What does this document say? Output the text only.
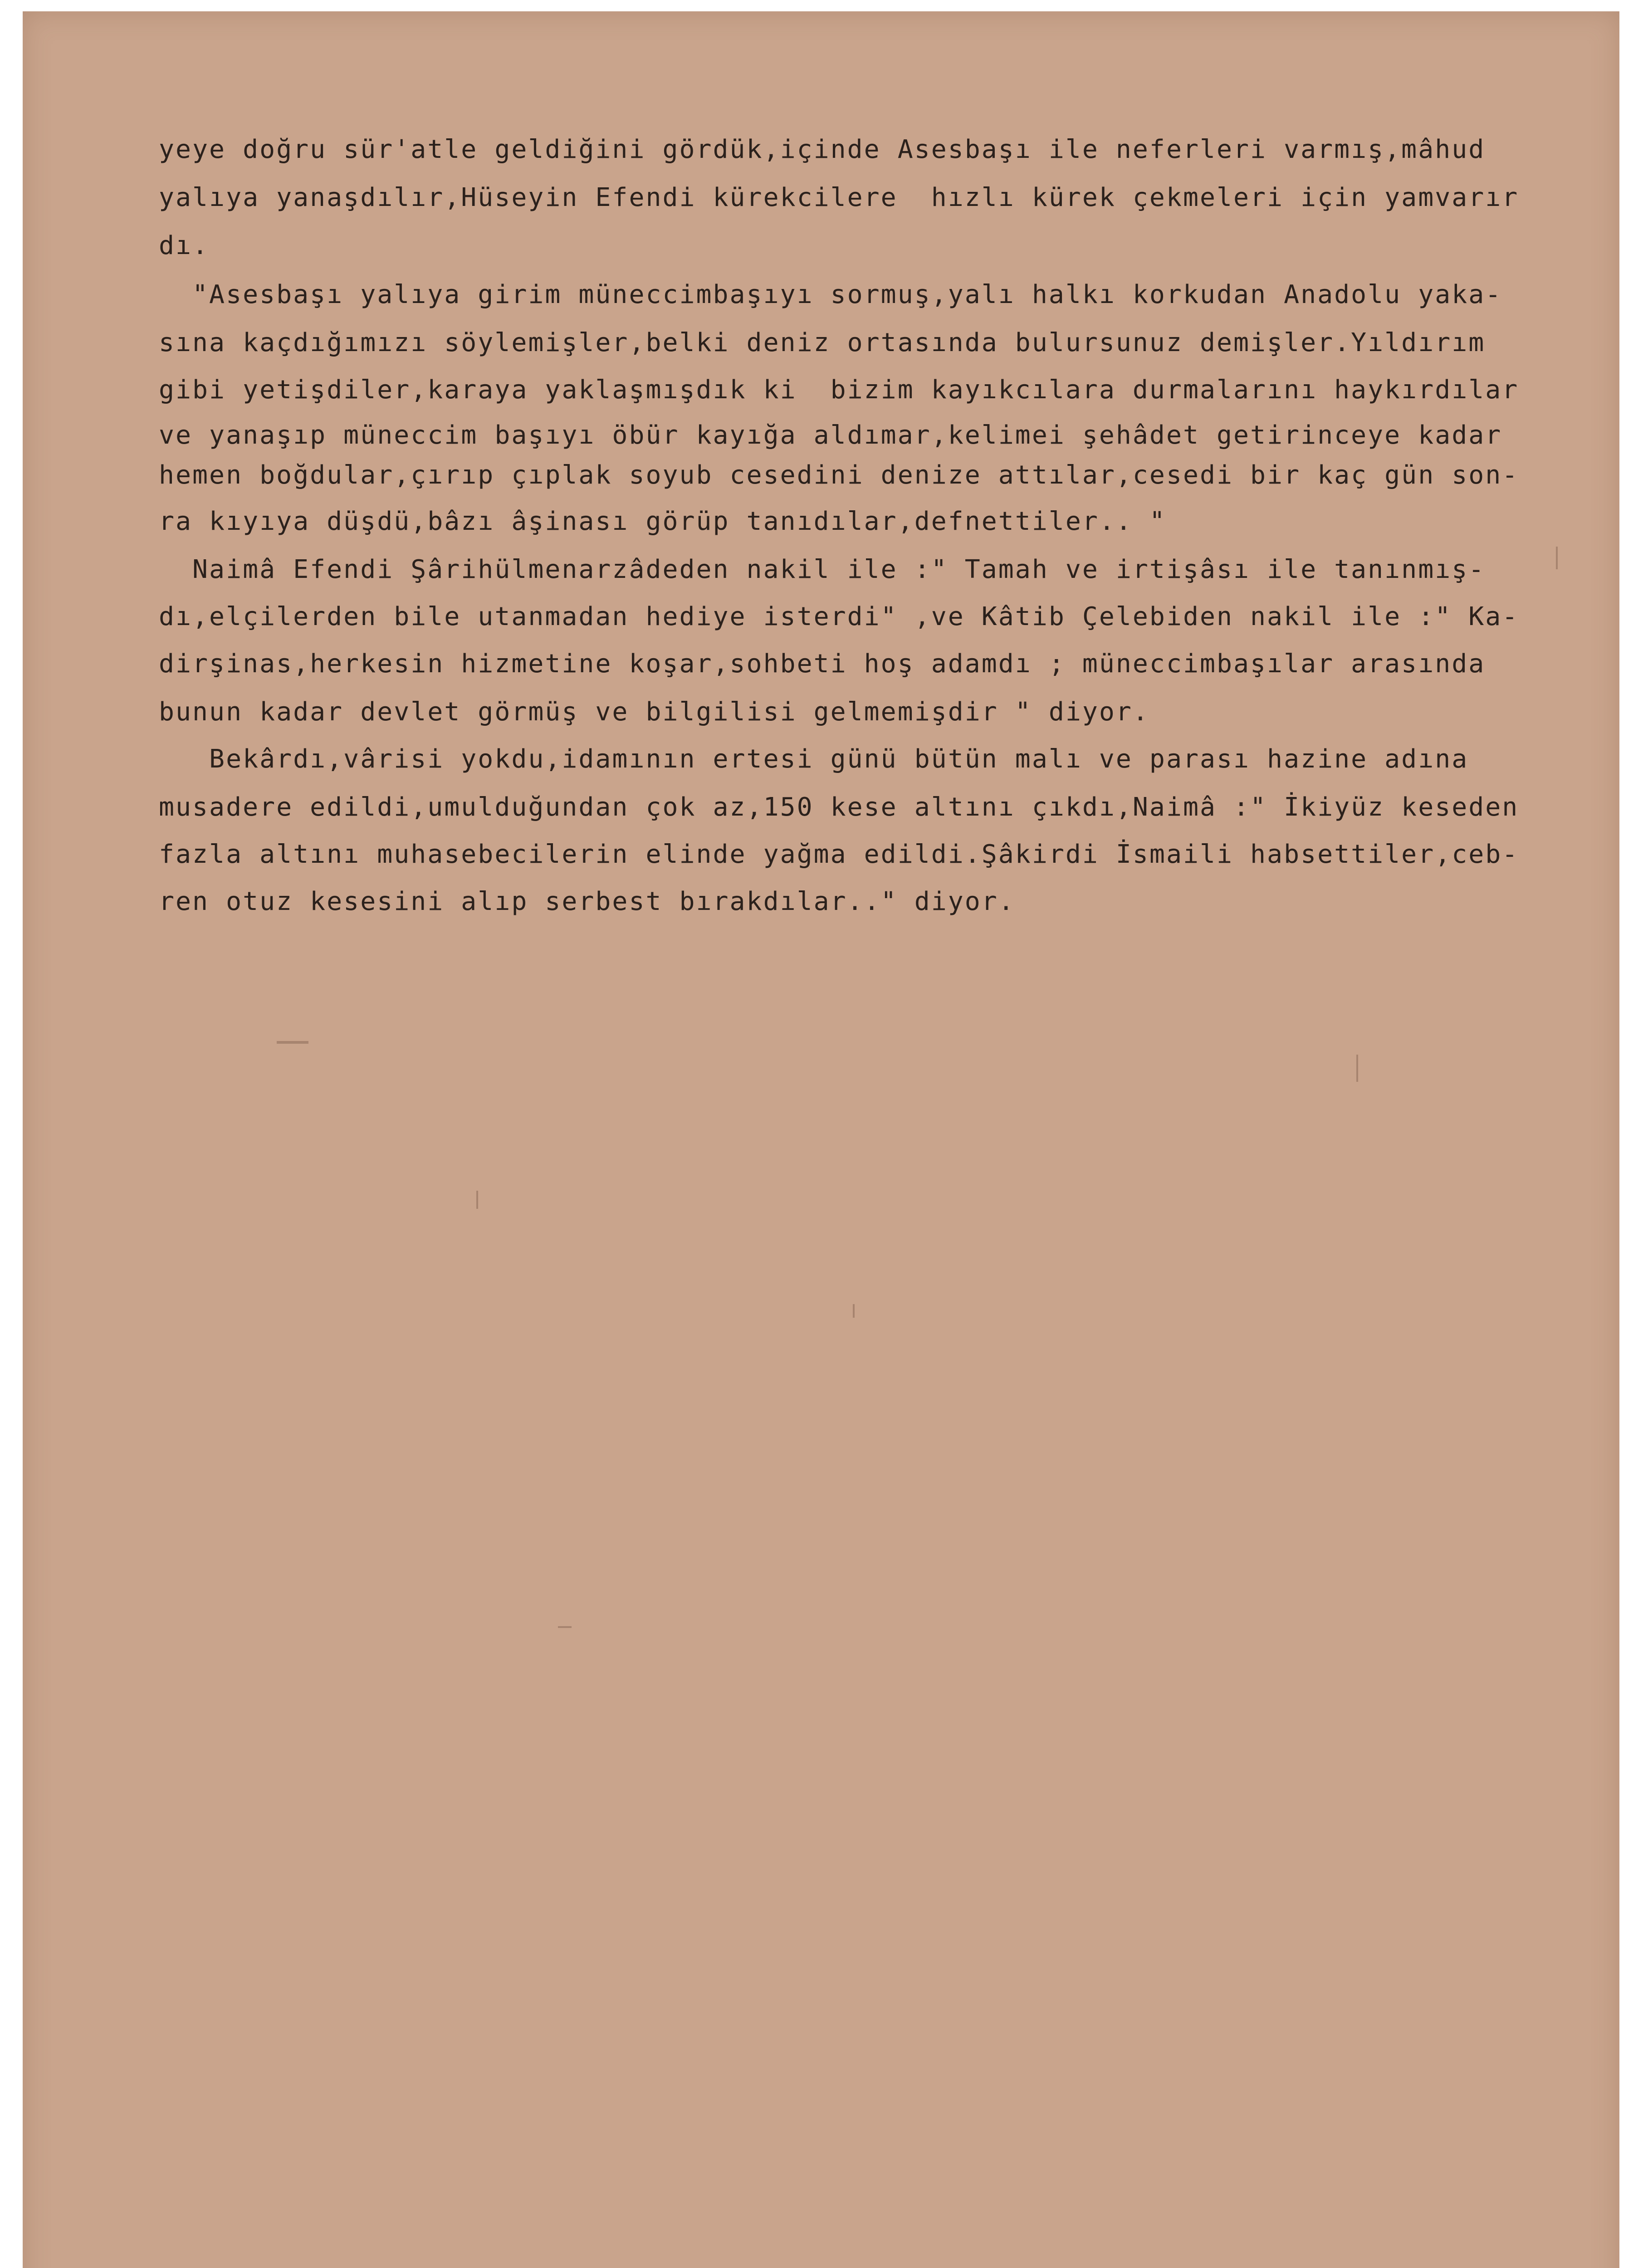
yeye doğru sür'atle geldiğini gördük,içinde Asesbaşı ile neferleri varmış,mâhud
yalıya yanaşdılır,Hüseyin Efendi kürekcilere  hızlı kürek çekmeleri için yamvarır
dı.
"Asesbaşı yalıya girim müneccimbaşıyı sormuş,yalı halkı korkudan Anadolu yaka-
sına kaçdığımızı söylemişler,belki deniz ortasında bulursunuz demişler.Yıldırım
gibi yetişdiler,karaya yaklaşmışdık ki  bizim kayıkcılara durmalarını haykırdılar
ve yanaşıp müneccim başıyı öbür kayığa aldımar,kelimei şehâdet getirinceye kadar
hemen boğdular,çırıp çıplak soyub cesedini denize attılar,cesedi bir kaç gün son-
ra kıyıya düşdü,bâzı âşinası görüp tanıdılar,defnettiler.. "
Naimâ Efendi Şârihülmenarzâdeden nakil ile :" Tamah ve irtişâsı ile tanınmış-
dı,elçilerden bile utanmadan hediye isterdi" ,ve Kâtib Çelebiden nakil ile :" Ka-
dirşinas,herkesin hizmetine koşar,sohbeti hoş adamdı ; müneccimbaşılar arasında
bunun kadar devlet görmüş ve bilgilisi gelmemişdir " diyor.
Bekârdı,vârisi yokdu,idamının ertesi günü bütün malı ve parası hazine adına
musadere edildi,umulduğundan çok az,150 kese altını çıkdı,Naimâ :" İkiyüz keseden
fazla altını muhasebecilerin elinde yağma edildi.Şâkirdi İsmaili habsettiler,ceb-
ren otuz kesesini alıp serbest bırakdılar.." diyor.
